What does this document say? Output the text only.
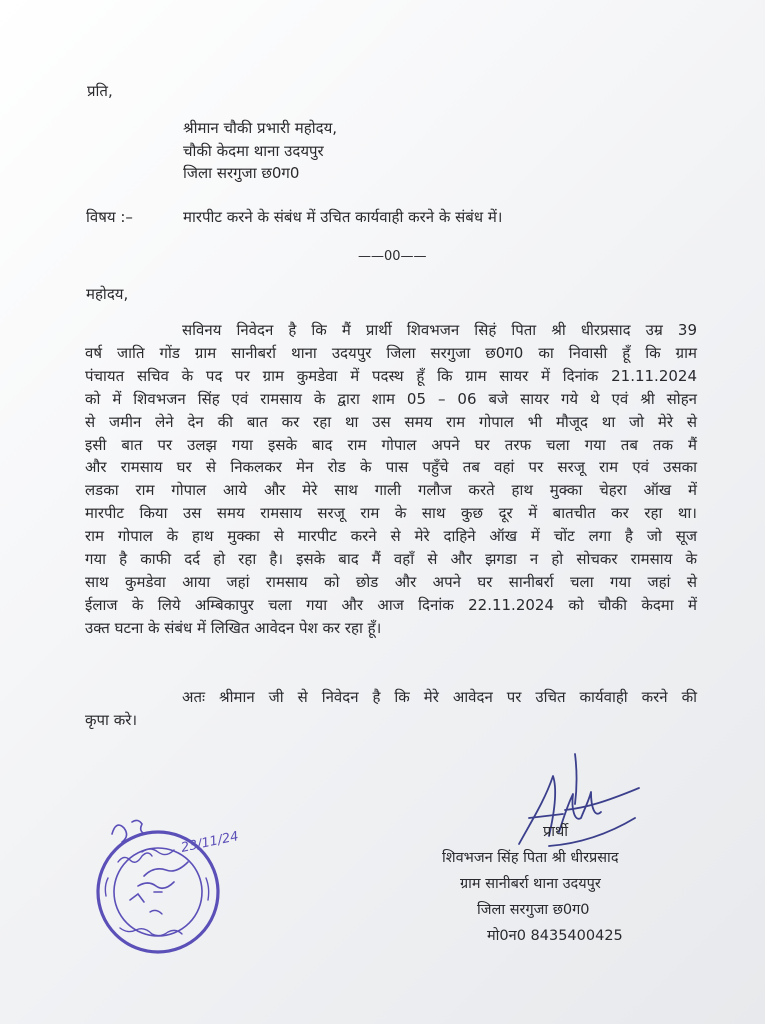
प्रति,
श्रीमान चौकी प्रभारी महोदय,
चौकी केदमा थाना उदयपुर
जिला सरगुजा छ0ग0
विषय :–	मारपीट करने के संबंध में उचित कार्यवाही करने के संबंध में।
——00——
महोदय,
सविनय निवेदन है कि मैं प्रार्थी शिवभजन सिहं पिता श्री धीरप्रसाद उम्र 39
वर्ष जाति गोंड ग्राम सानीबर्रा थाना उदयपुर जिला सरगुजा छ0ग0 का निवासी हूँ कि ग्राम
पंचायत सचिव के पद पर ग्राम कुमडेवा में पदस्थ हूँ कि ग्राम सायर में दिनांक 21.11.2024
को में शिवभजन सिंह एवं रामसाय के द्वारा शाम 05 – 06 बजे सायर गये थे एवं श्री सोहन
से जमीन लेने देन की बात कर रहा था उस समय राम गोपाल भी मौजूद था जो मेरे से
इसी बात पर उलझ गया इसके बाद राम गोपाल अपने घर तरफ चला गया तब तक मैं
और रामसाय घर से निकलकर मेन रोड के पास पहुँचे तब वहां पर सरजू राम एवं उसका
लडका राम गोपाल आये और मेरे साथ गाली गलौज करते हाथ मुक्का चेहरा ऑख में
मारपीट किया उस समय रामसाय सरजू राम के साथ कुछ दूर में बातचीत कर रहा था।
राम गोपाल के हाथ मुक्का से मारपीट करने से मेरे दाहिने ऑख में चोंट लगा है जो सूज
गया है काफी दर्द हो रहा है। इसके बाद मैं वहाँ से और झगडा न हो सोचकर रामसाय के
साथ कुमडेवा आया जहां रामसाय को छोड और अपने घर सानीबर्रा चला गया जहां से
ईलाज के लिये अम्बिकापुर चला गया और आज दिनांक 22.11.2024 को चौकी केदमा में
उक्त घटना के संबंध में लिखित आवेदन पेश कर रहा हूँ।
अतः श्रीमान जी से निवेदन है कि मेरे आवेदन पर उचित कार्यवाही करने की
कृपा करे।
प्रार्थी
शिवभजन सिंह पिता श्री धीरप्रसाद
ग्राम सानीबर्रा थाना उदयपुर
जिला सरगुजा छ0ग0
मो0न0 8435400425
23/11/24
